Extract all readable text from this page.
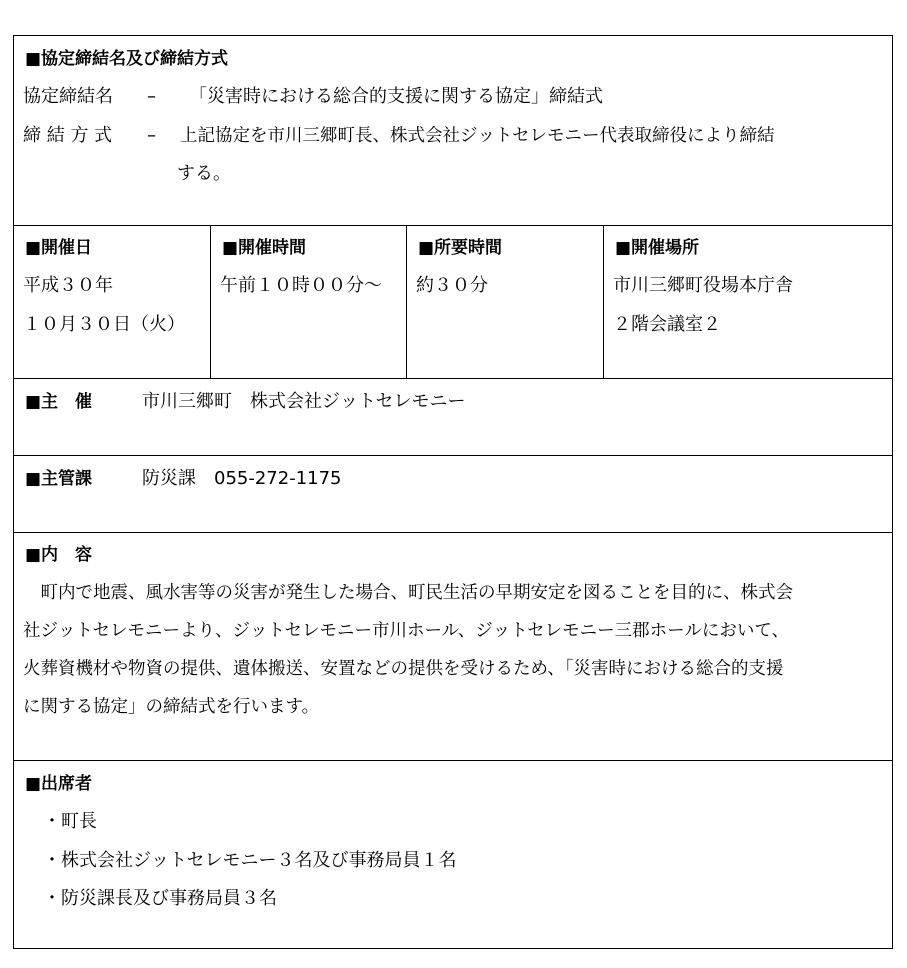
■協定締結名及び締結方式
協定締結名 – 「災害時における総合的支援に関する協定」締結式
締 結 方 式 – 上記協定を市川三郷町長、株式会社ジットセレモニー代表取締役により締結
する。
■開催日
平成３０年
１０月３０日（火）
■開催時間
午前１０時００分～
■所要時間
約３０分
■開催場所
市川三郷町役場本庁舎
２階会議室２
■主　催	市川三郷町　株式会社ジットセレモニー
■主管課	防災課　055-272-1175
■内　容
　町内で地震、風水害等の災害が発生した場合、町民生活の早期安定を図ることを目的に、株式会
社ジットセレモニーより、ジットセレモニー市川ホール、ジットセレモニー三郡ホールにおいて、
火葬資機材や物資の提供、遺体搬送、安置などの提供を受けるため、「災害時における総合的支援
に関する協定」の締結式を行います。
■出席者
・町長
・株式会社ジットセレモニー３名及び事務局員１名
・防災課長及び事務局員３名
